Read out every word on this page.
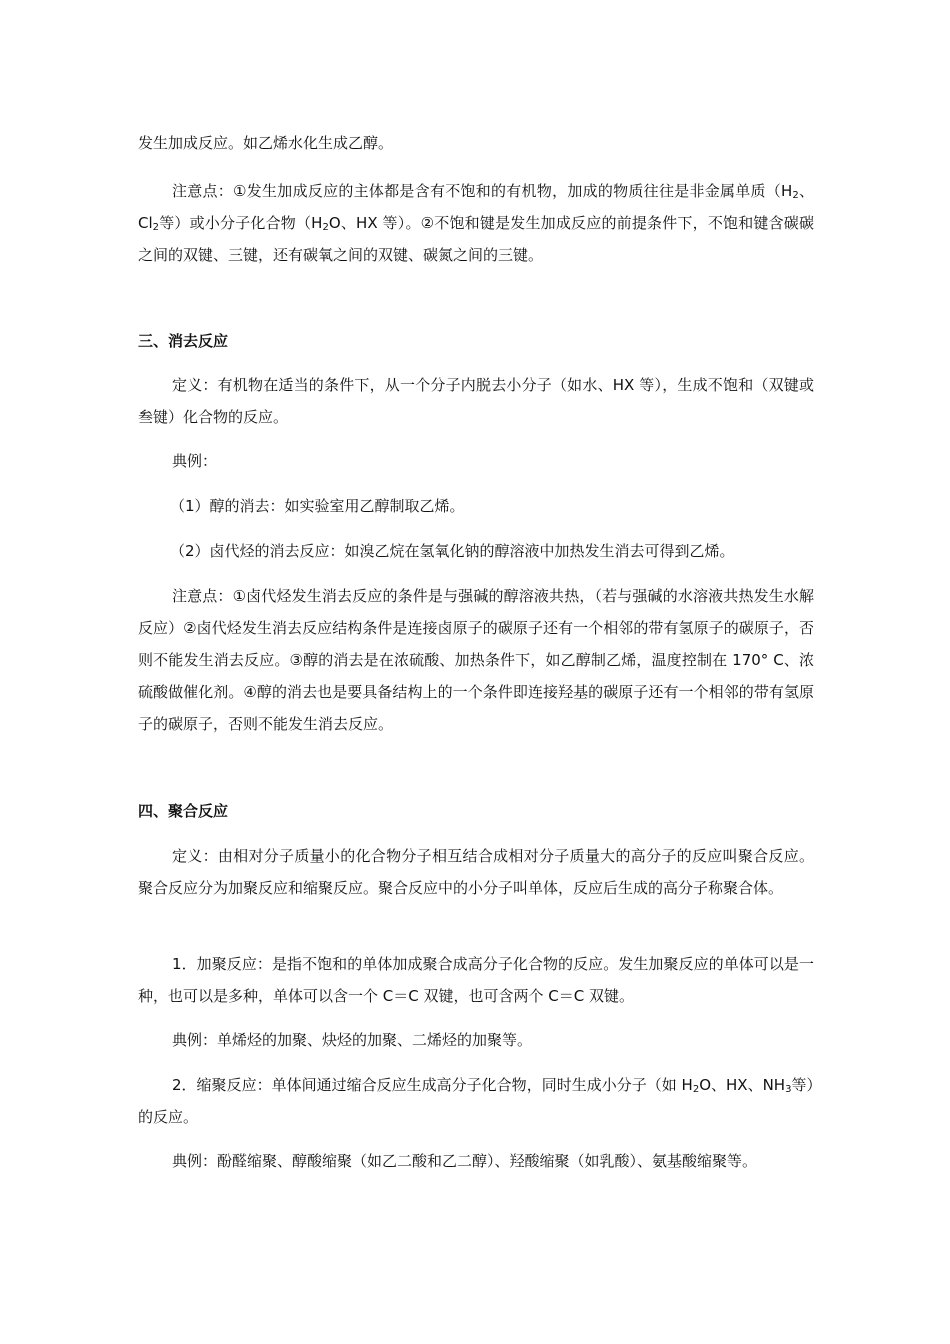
发生加成反应。如乙烯水化生成乙醇。

注意点：①发生加成反应的主体都是含有不饱和的有机物，加成的物质往往是非金属单质（$H_2$、$Cl_2$等）或小分子化合物（$H_2O$、HX 等）。②不饱和键是发生加成反应的前提条件下，不饱和键含碳碳之间的双键、三键，还有碳氧之间的双键、碳氮之间的三键。

三、消去反应

定义：有机物在适当的条件下，从一个分子内脱去小分子（如水、HX 等），生成不饱和（双键或叁键）化合物的反应。

典例：

（1）醇的消去：如实验室用乙醇制取乙烯。

（2）卤代烃的消去反应：如溴乙烷在氢氧化钠的醇溶液中加热发生消去可得到乙烯。

注意点：①卤代烃发生消去反应的条件是与强碱的醇溶液共热，（若与强碱的水溶液共热发生水解反应）②卤代烃发生消去反应结构条件是连接卤原子的碳原子还有一个相邻的带有氢原子的碳原子，否则不能发生消去反应。③醇的消去是在浓硫酸、加热条件下，如乙醇制乙烯，温度控制在 170° C、浓硫酸做催化剂。④醇的消去也是要具备结构上的一个条件即连接羟基的碳原子还有一个相邻的带有氢原子的碳原子，否则不能发生消去反应。

四、聚合反应

定义：由相对分子质量小的化合物分子相互结合成相对分子质量大的高分子的反应叫聚合反应。聚合反应分为加聚反应和缩聚反应。聚合反应中的小分子叫单体，反应后生成的高分子称聚合体。

1．加聚反应：是指不饱和的单体加成聚合成高分子化合物的反应。发生加聚反应的单体可以是一种，也可以是多种，单体可以含一个 C＝C 双键，也可含两个 C＝C 双键。

典例：单烯烃的加聚、炔烃的加聚、二烯烃的加聚等。

2．缩聚反应：单体间通过缩合反应生成高分子化合物，同时生成小分子（如 $H_2O$、HX、$NH_3$等）的反应。

典例：酚醛缩聚、醇酸缩聚（如乙二酸和乙二醇）、羟酸缩聚（如乳酸）、氨基酸缩聚等。
